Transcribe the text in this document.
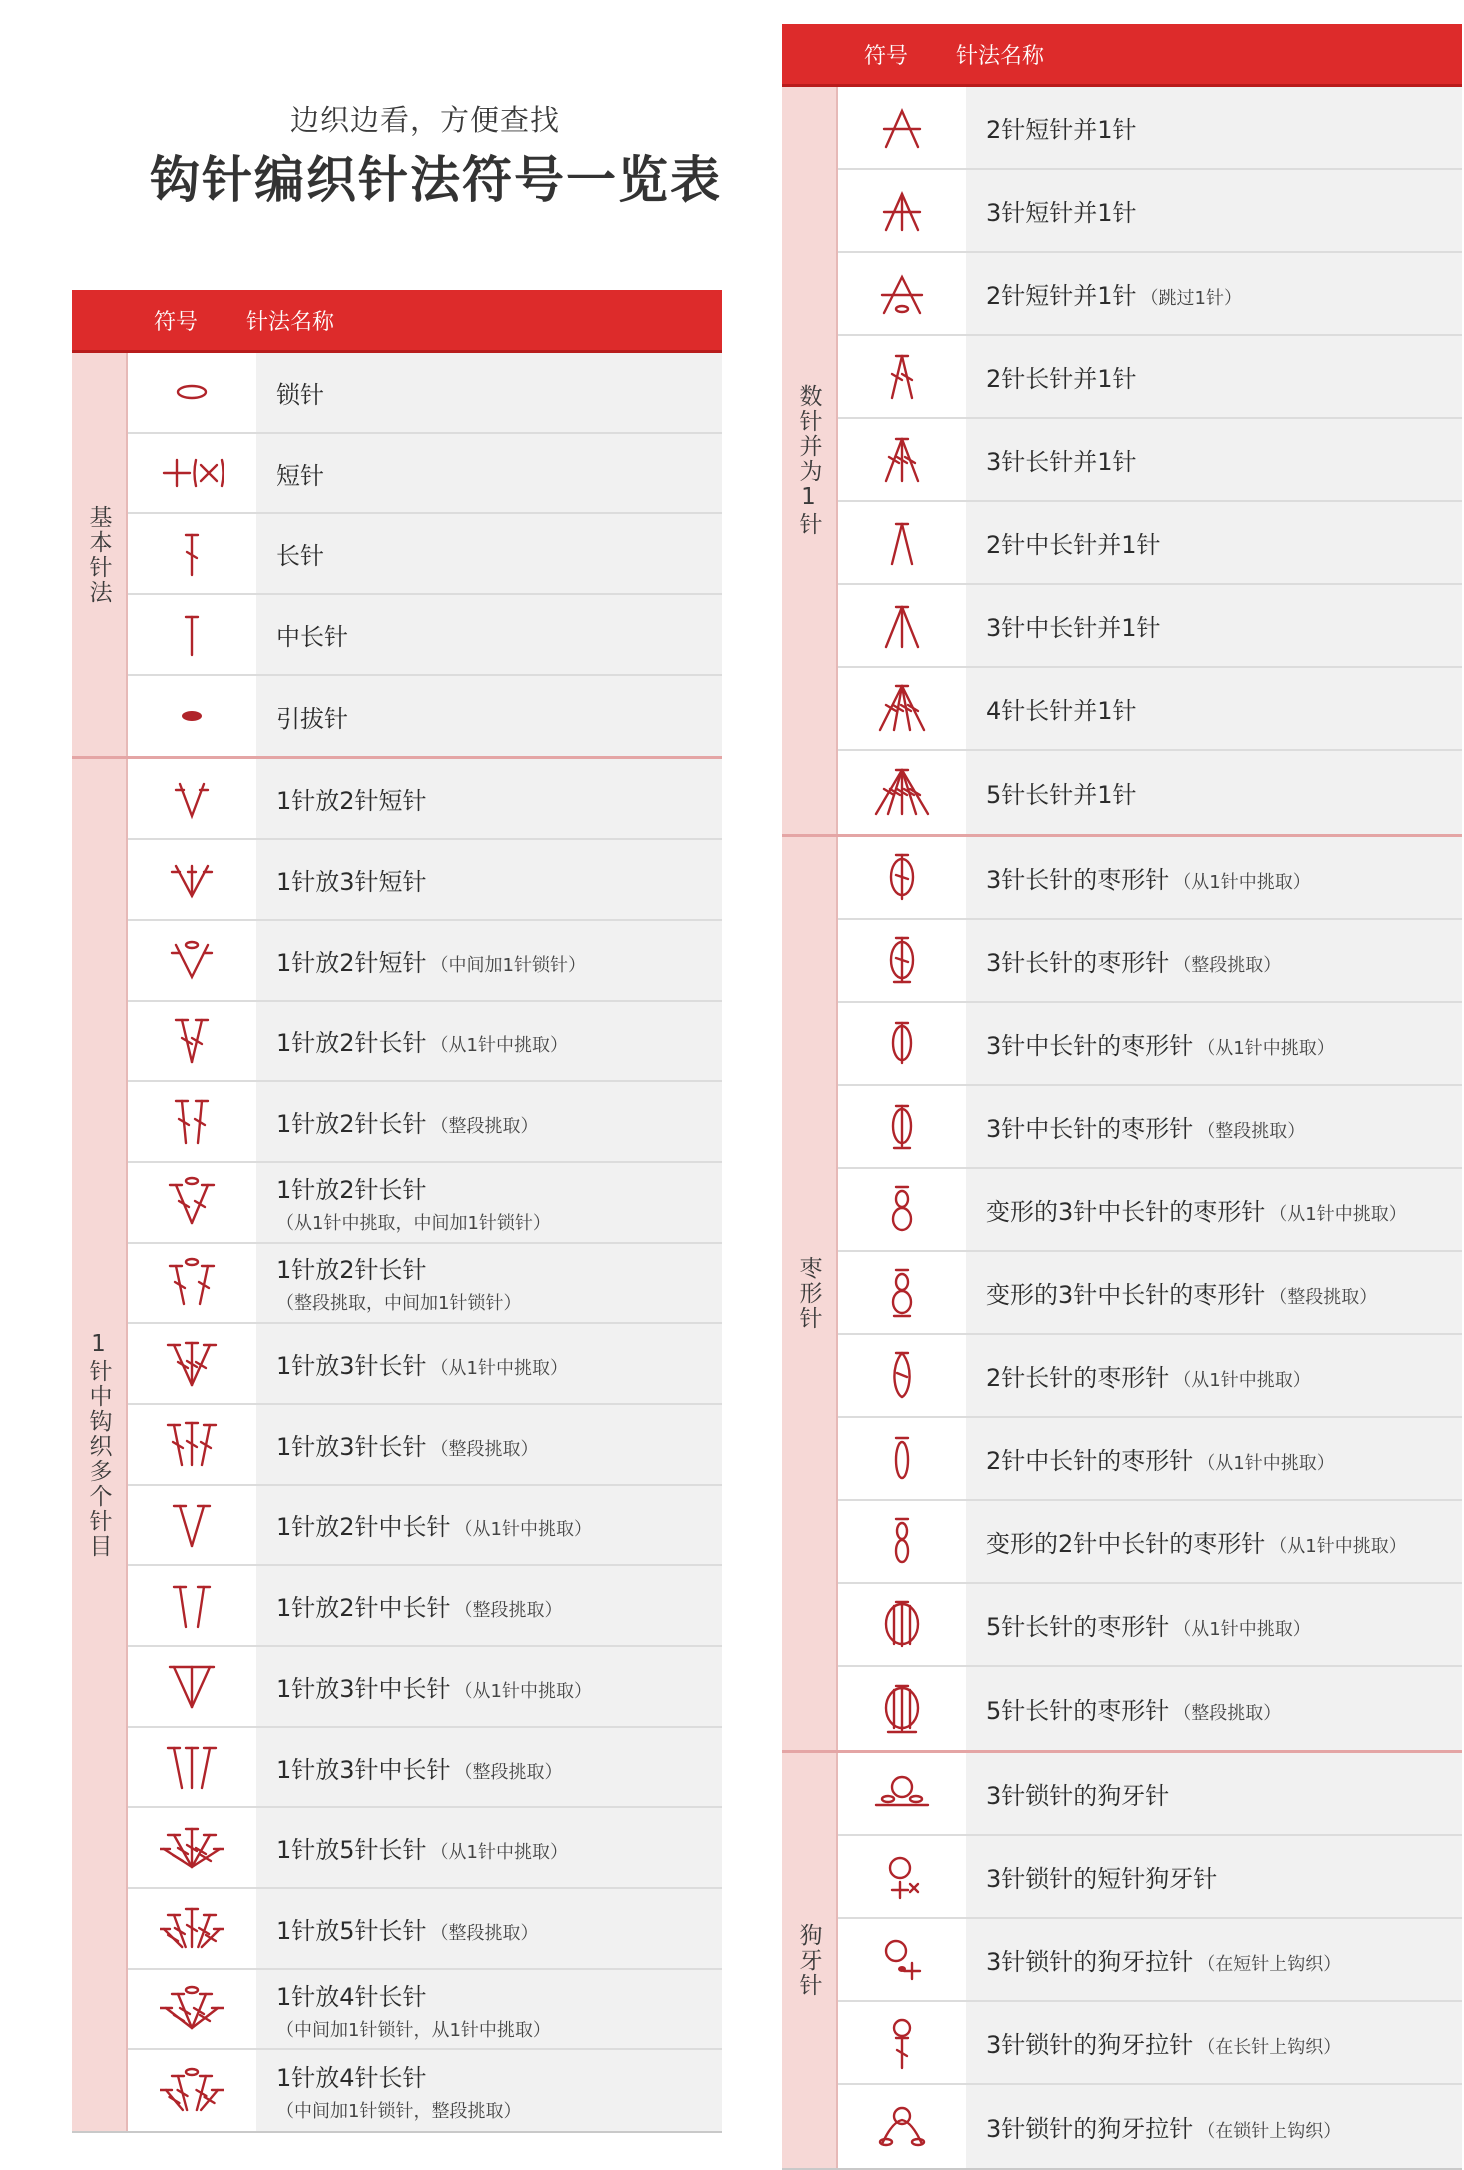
边织边看，方便查找
钩针编织针法符号一览表
符号	针法名称
基本针法
锁针
短针
长针
中长针
引拔针
1针中钩织多个针目
1针放2针短针
1针放3针短针
1针放2针短针 （中间加1针锁针）
1针放2针长针 （从1针中挑取）
1针放2针长针 （整段挑取）
1针放2针长针
（从1针中挑取，中间加1针锁针）
1针放2针长针
（整段挑取，中间加1针锁针）
1针放3针长针 （从1针中挑取）
1针放3针长针 （整段挑取）
1针放2针中长针 （从1针中挑取）
1针放2针中长针 （整段挑取）
1针放3针中长针 （从1针中挑取）
1针放3针中长针 （整段挑取）
1针放5针长针 （从1针中挑取）
1针放5针长针 （整段挑取）
1针放4针长针
（中间加1针锁针，从1针中挑取）
1针放4针长针
（中间加1针锁针，整段挑取）
符号	针法名称
数针并为1针
2针短针并1针
3针短针并1针
2针短针并1针 （跳过1针）
2针长针并1针
3针长针并1针
2针中长针并1针
3针中长针并1针
4针长针并1针
5针长针并1针
枣形针
3针长针的枣形针 （从1针中挑取）
3针长针的枣形针 （整段挑取）
3针中长针的枣形针 （从1针中挑取）
3针中长针的枣形针 （整段挑取）
变形的3针中长针的枣形针 （从1针中挑取）
变形的3针中长针的枣形针 （整段挑取）
2针长针的枣形针 （从1针中挑取）
2针中长针的枣形针 （从1针中挑取）
变形的2针中长针的枣形针 （从1针中挑取）
5针长针的枣形针 （从1针中挑取）
5针长针的枣形针 （整段挑取）
狗牙针
3针锁针的狗牙针
3针锁针的短针狗牙针
3针锁针的狗牙拉针 （在短针上钩织）
3针锁针的狗牙拉针 （在长针上钩织）
3针锁针的狗牙拉针 （在锁针上钩织）
